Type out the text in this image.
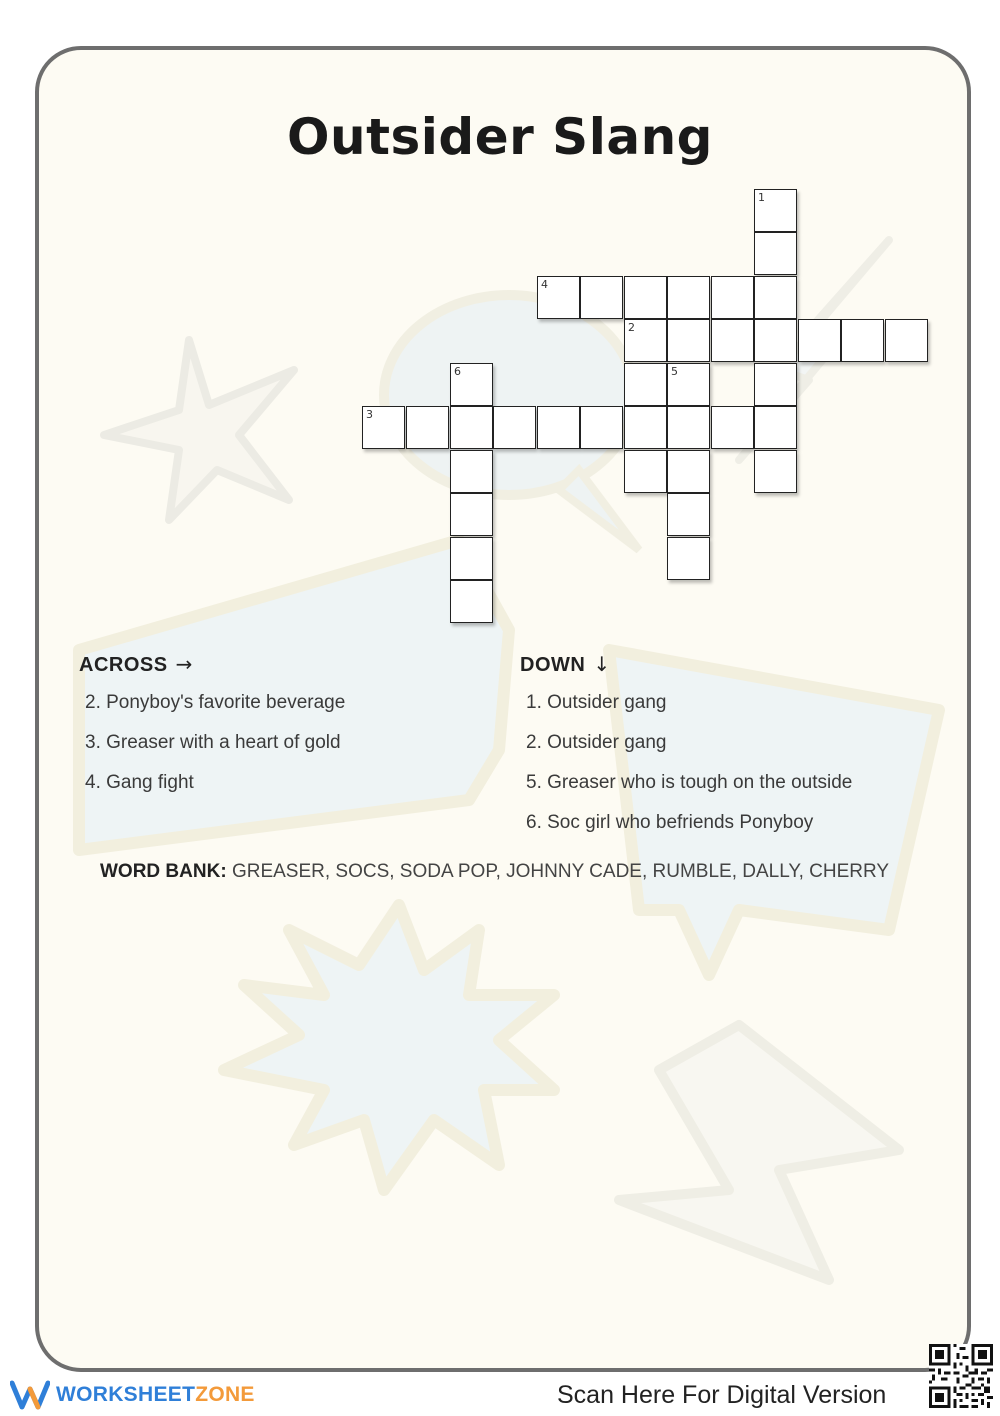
Outsider Slang
1
4
2
6	5
3
ACROSS →
2. Ponyboy's favorite beverage
3. Greaser with a heart of gold
4. Gang fight
DOWN ↓
1. Outsider gang
2. Outsider gang
5. Greaser who is tough on the outside
6. Soc girl who befriends Ponyboy
WORD BANK: GREASER, SOCS, SODA POP, JOHNNY CADE, RUMBLE, DALLY, CHERRY
WORKSHEETZONE	Scan Here For Digital Version
